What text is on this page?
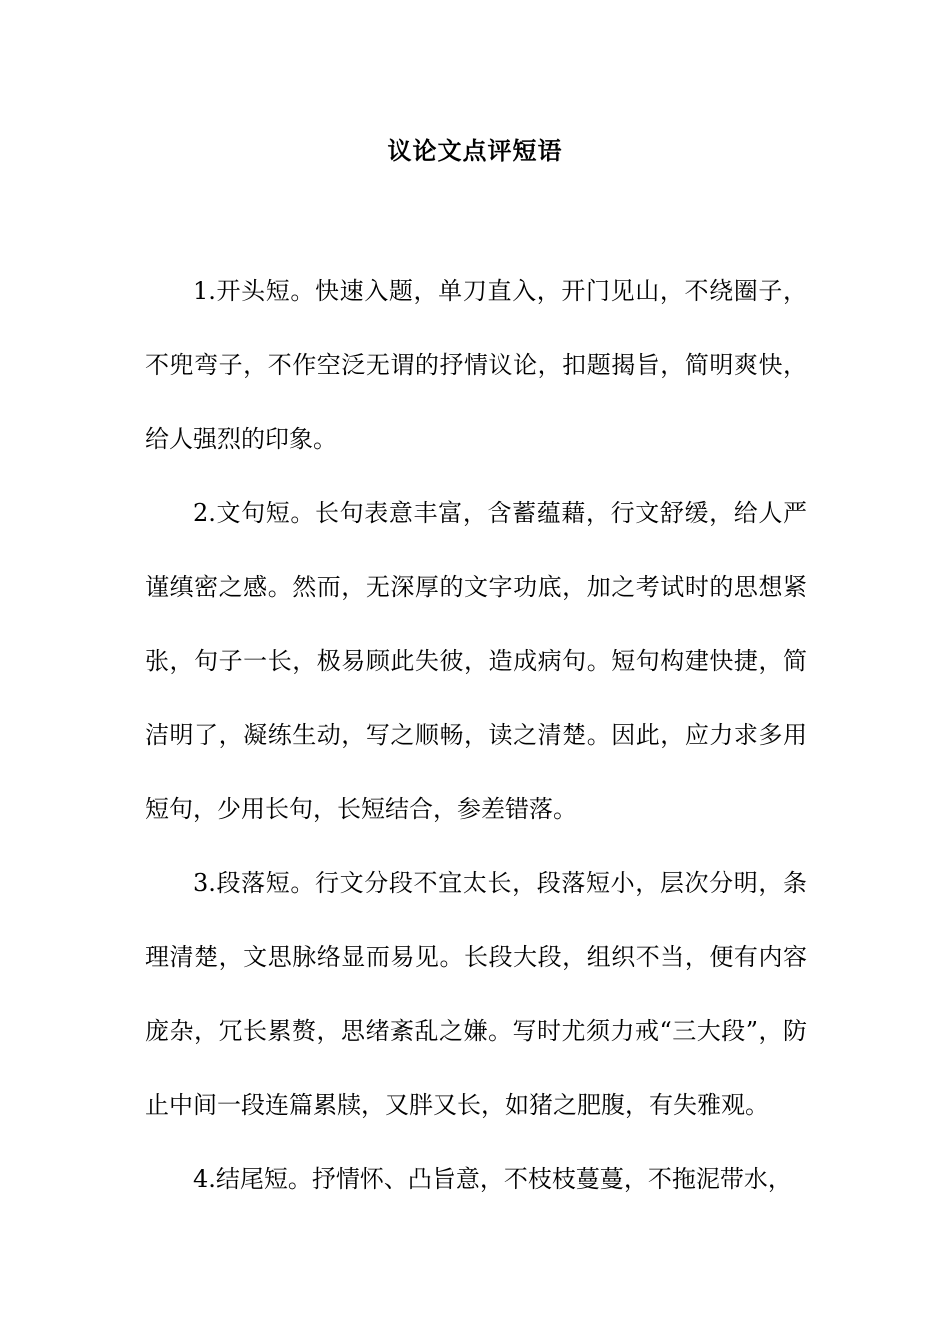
议论文点评短语

1.开头短。快速入题，单刀直入，开门见山，不绕圈子，不兜弯子，不作空泛无谓的抒情议论，扣题揭旨，简明爽快，给人强烈的印象。

2.文句短。长句表意丰富，含蓄蕴藉，行文舒缓，给人严谨缜密之感。然而，无深厚的文字功底，加之考试时的思想紧张，句子一长，极易顾此失彼，造成病句。短句构建快捷，简洁明了，凝练生动，写之顺畅，读之清楚。因此，应力求多用短句，少用长句，长短结合，参差错落。

3.段落短。行文分段不宜太长，段落短小，层次分明，条理清楚，文思脉络显而易见。长段大段，组织不当，便有内容庞杂，冗长累赘，思绪紊乱之嫌。写时尤须力戒“三大段”，防止中间一段连篇累牍，又胖又长，如猪之肥腹，有失雅观。

4.结尾短。抒情怀、凸旨意，不枝枝蔓蔓，不拖泥带水，
